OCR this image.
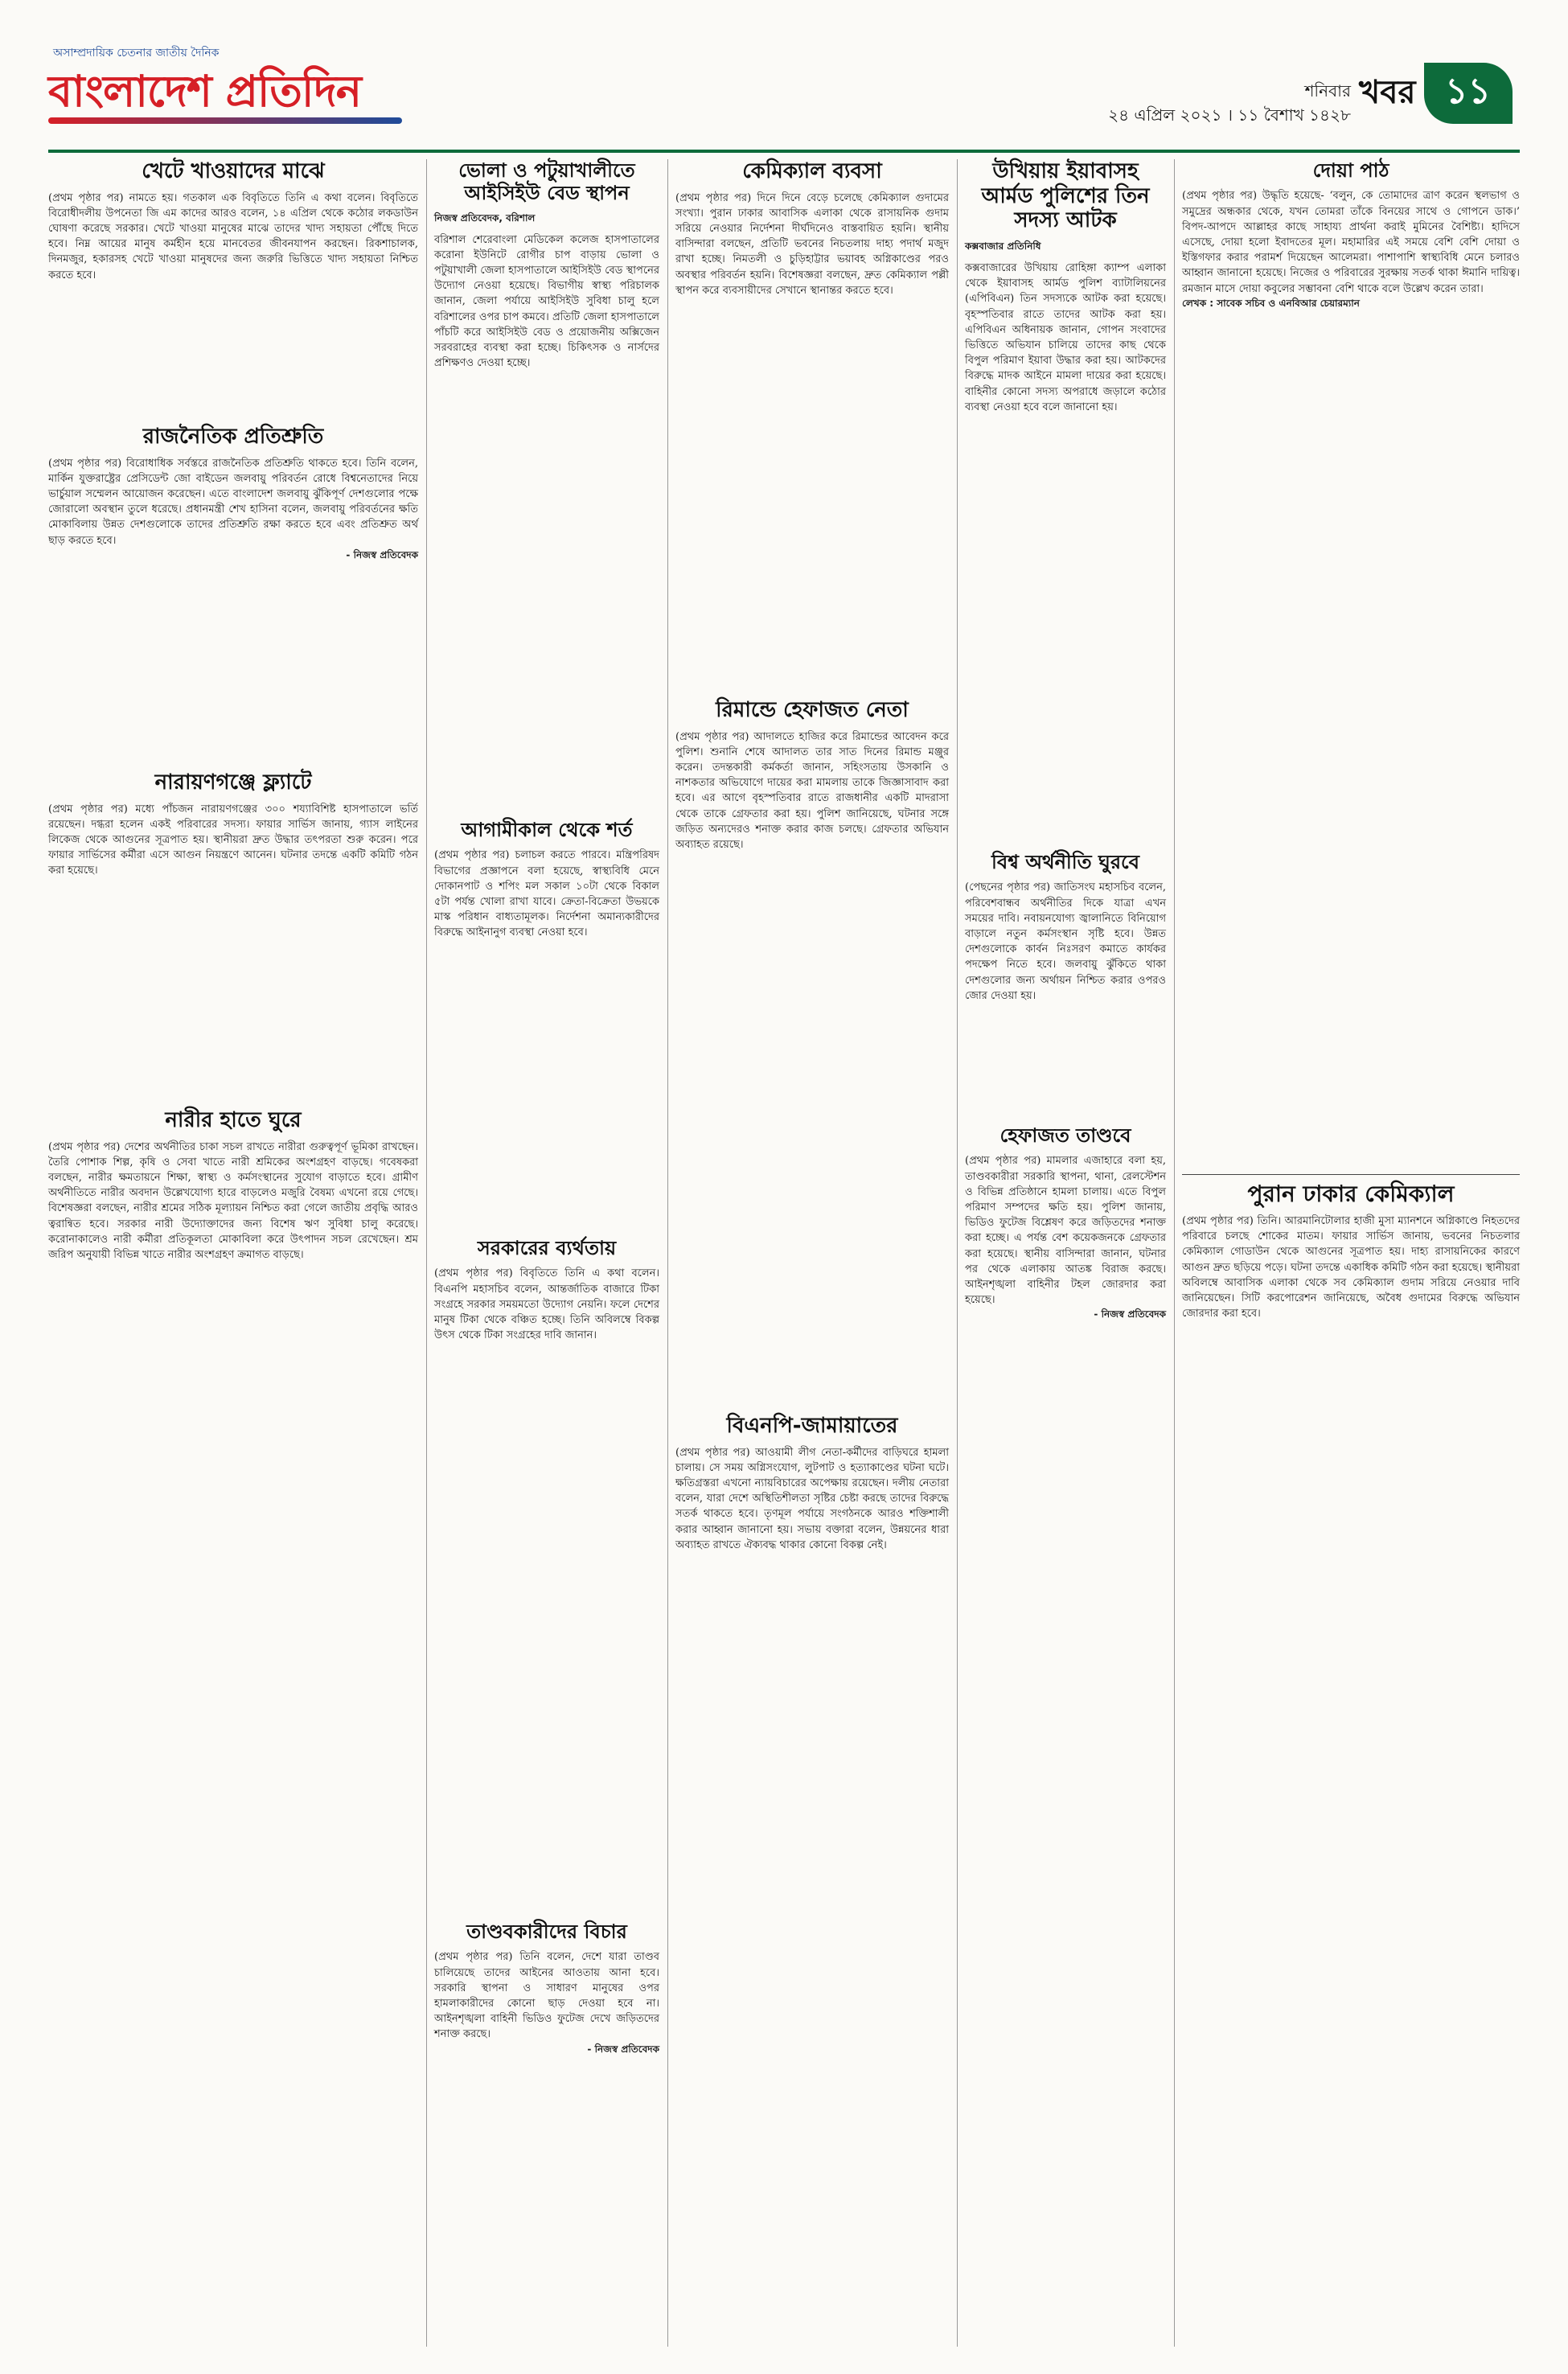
অসাম্প্রদায়িক চেতনার জাতীয় দৈনিক
বাংলাদেশ প্রতিদিন	শনিবার
২৪ এপ্রিল ২০২১ । ১১ বৈশাখ ১৪২৮
খবর ১১
খেটে খাওয়াদের মাঝে

(প্রথম পৃষ্ঠার পর) নামতে হয়। গতকাল এক বিবৃতিতে তিনি এ কথা বলেন। বিবৃতিতে বিরোধীদলীয় উপনেতা জি এম কাদের আরও বলেন, ১৪ এপ্রিল থেকে কঠোর লকডাউন ঘোষণা করেছে সরকার। খেটে খাওয়া মানুষের মাঝে তাদের খাদ্য সহায়তা পৌঁছে দিতে হবে। নিম্ন আয়ের মানুষ কর্মহীন হয়ে মানবেতর জীবনযাপন করছেন। রিকশাচালক, দিনমজুর, হকারসহ খেটে খাওয়া মানুষদের জন্য জরুরি ভিত্তিতে খাদ্য সহায়তা নিশ্চিত করতে হবে।

রাজনৈতিক প্রতিশ্রুতি

(প্রথম পৃষ্ঠার পর) বিরোধাধিক সর্বস্তরে রাজনৈতিক প্রতিশ্রুতি থাকতে হবে। তিনি বলেন, মার্কিন যুক্তরাষ্ট্রের প্রেসিডেন্ট জো বাইডেন জলবায়ু পরিবর্তন রোধে বিশ্বনেতাদের নিয়ে ভার্চুয়াল সম্মেলন আয়োজন করেছেন। এতে বাংলাদেশ জলবায়ু ঝুঁকিপূর্ণ দেশগুলোর পক্ষে জোরালো অবস্থান তুলে ধরেছে। প্রধানমন্ত্রী শেখ হাসিনা বলেন, জলবায়ু পরিবর্তনের ক্ষতি মোকাবিলায় উন্নত দেশগুলোকে তাদের প্রতিশ্রুতি রক্ষা করতে হবে এবং প্রতিশ্রুত অর্থ ছাড় করতে হবে।

- নিজস্ব প্রতিবেদক

নারায়ণগঞ্জে ফ্ল্যাটে

(প্রথম পৃষ্ঠার পর) মধ্যে পাঁচজন নারায়ণগঞ্জের ৩০০ শয্যাবিশিষ্ট হাসপাতালে ভর্তি রয়েছেন। দগ্ধরা হলেন একই পরিবারের সদস্য। ফায়ার সার্ভিস জানায়, গ্যাস লাইনের লিকেজ থেকে আগুনের সূত্রপাত হয়। স্থানীয়রা দ্রুত উদ্ধার তৎপরতা শুরু করেন। পরে ফায়ার সার্ভিসের কর্মীরা এসে আগুন নিয়ন্ত্রণে আনেন। ঘটনার তদন্তে একটি কমিটি গঠন করা হয়েছে।

নারীর হাতে ঘুরে

(প্রথম পৃষ্ঠার পর) দেশের অর্থনীতির চাকা সচল রাখতে নারীরা গুরুত্বপূর্ণ ভূমিকা রাখছেন। তৈরি পোশাক শিল্প, কৃষি ও সেবা খাতে নারী শ্রমিকের অংশগ্রহণ বাড়ছে। গবেষকরা বলছেন, নারীর ক্ষমতায়নে শিক্ষা, স্বাস্থ্য ও কর্মসংস্থানের সুযোগ বাড়াতে হবে। গ্রামীণ অর্থনীতিতে নারীর অবদান উল্লেখযোগ্য হারে বাড়লেও মজুরি বৈষম্য এখনো রয়ে গেছে। বিশেষজ্ঞরা বলছেন, নারীর শ্রমের সঠিক মূল্যায়ন নিশ্চিত করা গেলে জাতীয় প্রবৃদ্ধি আরও ত্বরান্বিত হবে। সরকার নারী উদ্যোক্তাদের জন্য বিশেষ ঋণ সুবিধা চালু করেছে। করোনাকালেও নারী কর্মীরা প্রতিকূলতা মোকাবিলা করে উৎপাদন সচল রেখেছেন। শ্রম জরিপ অনুযায়ী বিভিন্ন খাতে নারীর অংশগ্রহণ ক্রমাগত বাড়ছে।

ভোলা ও পটুয়াখালীতে আইসিইউ বেড স্থাপন

নিজস্ব প্রতিবেদক, বরিশাল

বরিশাল শেরেবাংলা মেডিকেল কলেজ হাসপাতালের করোনা ইউনিটে রোগীর চাপ বাড়ায় ভোলা ও পটুয়াখালী জেলা হাসপাতালে আইসিইউ বেড স্থাপনের উদ্যোগ নেওয়া হয়েছে। বিভাগীয় স্বাস্থ্য পরিচালক জানান, জেলা পর্যায়ে আইসিইউ সুবিধা চালু হলে বরিশালের ওপর চাপ কমবে। প্রতিটি জেলা হাসপাতালে পাঁচটি করে আইসিইউ বেড ও প্রয়োজনীয় অক্সিজেন সরবরাহের ব্যবস্থা করা হচ্ছে। চিকিৎসক ও নার্সদের প্রশিক্ষণও দেওয়া হচ্ছে।

আগামীকাল থেকে শর্ত

(প্রথম পৃষ্ঠার পর) চলাচল করতে পারবে। মন্ত্রিপরিষদ বিভাগের প্রজ্ঞাপনে বলা হয়েছে, স্বাস্থ্যবিধি মেনে দোকানপাট ও শপিং মল সকাল ১০টা থেকে বিকাল ৫টা পর্যন্ত খোলা রাখা যাবে। ক্রেতা-বিক্রেতা উভয়কে মাস্ক পরিধান বাধ্যতামূলক। নির্দেশনা অমান্যকারীদের বিরুদ্ধে আইনানুগ ব্যবস্থা নেওয়া হবে।

সরকারের ব্যর্থতায়

(প্রথম পৃষ্ঠার পর) বিবৃতিতে তিনি এ কথা বলেন। বিএনপি মহাসচিব বলেন, আন্তর্জাতিক বাজারে টিকা সংগ্রহে সরকার সময়মতো উদ্যোগ নেয়নি। ফলে দেশের মানুষ টিকা থেকে বঞ্চিত হচ্ছে। তিনি অবিলম্বে বিকল্প উৎস থেকে টিকা সংগ্রহের দাবি জানান।

তাণ্ডবকারীদের বিচার

(প্রথম পৃষ্ঠার পর) তিনি বলেন, দেশে যারা তাণ্ডব চালিয়েছে তাদের আইনের আওতায় আনা হবে। সরকারি স্থাপনা ও সাধারণ মানুষের ওপর হামলাকারীদের কোনো ছাড় দেওয়া হবে না। আইনশৃঙ্খলা বাহিনী ভিডিও ফুটেজ দেখে জড়িতদের শনাক্ত করছে।

- নিজস্ব প্রতিবেদক

কেমিক্যাল ব্যবসা

(প্রথম পৃষ্ঠার পর) দিনে দিনে বেড়ে চলেছে কেমিক্যাল গুদামের সংখ্যা। পুরান ঢাকার আবাসিক এলাকা থেকে রাসায়নিক গুদাম সরিয়ে নেওয়ার নির্দেশনা দীর্ঘদিনেও বাস্তবায়িত হয়নি। স্থানীয় বাসিন্দারা বলছেন, প্রতিটি ভবনের নিচতলায় দাহ্য পদার্থ মজুদ রাখা হচ্ছে। নিমতলী ও চুড়িহাট্টার ভয়াবহ অগ্নিকাণ্ডের পরও অবস্থার পরিবর্তন হয়নি। বিশেষজ্ঞরা বলছেন, দ্রুত কেমিক্যাল পল্লী স্থাপন করে ব্যবসায়ীদের সেখানে স্থানান্তর করতে হবে।

রিমান্ডে হেফাজত নেতা

(প্রথম পৃষ্ঠার পর) আদালতে হাজির করে রিমান্ডের আবেদন করে পুলিশ। শুনানি শেষে আদালত তার সাত দিনের রিমান্ড মঞ্জুর করেন। তদন্তকারী কর্মকর্তা জানান, সহিংসতায় উসকানি ও নাশকতার অভিযোগে দায়ের করা মামলায় তাকে জিজ্ঞাসাবাদ করা হবে। এর আগে বৃহস্পতিবার রাতে রাজধানীর একটি মাদরাসা থেকে তাকে গ্রেফতার করা হয়। পুলিশ জানিয়েছে, ঘটনার সঙ্গে জড়িত অন্যদেরও শনাক্ত করার কাজ চলছে। গ্রেফতার অভিযান অব্যাহত রয়েছে।

বিএনপি-জামায়াতের

(প্রথম পৃষ্ঠার পর) আওয়ামী লীগ নেতা-কর্মীদের বাড়িঘরে হামলা চালায়। সে সময় অগ্নিসংযোগ, লুটপাট ও হত্যাকাণ্ডের ঘটনা ঘটে। ক্ষতিগ্রস্তরা এখনো ন্যায়বিচারের অপেক্ষায় রয়েছেন। দলীয় নেতারা বলেন, যারা দেশে অস্থিতিশীলতা সৃষ্টির চেষ্টা করছে তাদের বিরুদ্ধে সতর্ক থাকতে হবে। তৃণমূল পর্যায়ে সংগঠনকে আরও শক্তিশালী করার আহ্বান জানানো হয়। সভায় বক্তারা বলেন, উন্নয়নের ধারা অব্যাহত রাখতে ঐক্যবদ্ধ থাকার কোনো বিকল্প নেই।

উখিয়ায় ইয়াবাসহ আর্মড পুলিশের তিন সদস্য আটক

কক্সবাজার প্রতিনিধি

কক্সবাজারের উখিয়ায় রোহিঙ্গা ক্যাম্প এলাকা থেকে ইয়াবাসহ আর্মড পুলিশ ব্যাটালিয়নের (এপিবিএন) তিন সদস্যকে আটক করা হয়েছে। বৃহস্পতিবার রাতে তাদের আটক করা হয়। এপিবিএন অধিনায়ক জানান, গোপন সংবাদের ভিত্তিতে অভিযান চালিয়ে তাদের কাছ থেকে বিপুল পরিমাণ ইয়াবা উদ্ধার করা হয়। আটকদের বিরুদ্ধে মাদক আইনে মামলা দায়ের করা হয়েছে। বাহিনীর কোনো সদস্য অপরাধে জড়ালে কঠোর ব্যবস্থা নেওয়া হবে বলে জানানো হয়।

বিশ্ব অর্থনীতি ঘুরবে

(পেছনের পৃষ্ঠার পর) জাতিসংঘ মহাসচিব বলেন, পরিবেশবান্ধব অর্থনীতির দিকে যাত্রা এখন সময়ের দাবি। নবায়নযোগ্য জ্বালানিতে বিনিয়োগ বাড়ালে নতুন কর্মসংস্থান সৃষ্টি হবে। উন্নত দেশগুলোকে কার্বন নিঃসরণ কমাতে কার্যকর পদক্ষেপ নিতে হবে। জলবায়ু ঝুঁকিতে থাকা দেশগুলোর জন্য অর্থায়ন নিশ্চিত করার ওপরও জোর দেওয়া হয়।

হেফাজত তাণ্ডবে

(প্রথম পৃষ্ঠার পর) মামলার এজাহারে বলা হয়, তাণ্ডবকারীরা সরকারি স্থাপনা, থানা, রেলস্টেশন ও বিভিন্ন প্রতিষ্ঠানে হামলা চালায়। এতে বিপুল পরিমাণ সম্পদের ক্ষতি হয়। পুলিশ জানায়, ভিডিও ফুটেজ বিশ্লেষণ করে জড়িতদের শনাক্ত করা হচ্ছে। এ পর্যন্ত বেশ কয়েকজনকে গ্রেফতার করা হয়েছে। স্থানীয় বাসিন্দারা জানান, ঘটনার পর থেকে এলাকায় আতঙ্ক বিরাজ করছে। আইনশৃঙ্খলা বাহিনীর টহল জোরদার করা হয়েছে।

- নিজস্ব প্রতিবেদক

দোয়া পাঠ

(প্রথম পৃষ্ঠার পর) উদ্ধৃতি হয়েছে- ‘বলুন, কে তোমাদের ত্রাণ করেন স্থলভাগ ও সমুদ্রের অন্ধকার থেকে, যখন তোমরা তাঁকে বিনয়ের সাথে ও গোপনে ডাক।’ বিপদ-আপদে আল্লাহর কাছে সাহায্য প্রার্থনা করাই মুমিনের বৈশিষ্ট্য। হাদিসে এসেছে, দোয়া হলো ইবাদতের মূল। মহামারির এই সময়ে বেশি বেশি দোয়া ও ইস্তিগফার করার পরামর্শ দিয়েছেন আলেমরা। পাশাপাশি স্বাস্থ্যবিধি মেনে চলারও আহ্বান জানানো হয়েছে। নিজের ও পরিবারের সুরক্ষায় সতর্ক থাকা ঈমানি দায়িত্ব। রমজান মাসে দোয়া কবুলের সম্ভাবনা বেশি থাকে বলে উল্লেখ করেন তারা।

লেখক : সাবেক সচিব ও এনবিআর চেয়ারম্যান

পুরান ঢাকার কেমিক্যাল

(প্রথম পৃষ্ঠার পর) তিনি। আরমানিটোলার হাজী মুসা ম্যানশনে অগ্নিকাণ্ডে নিহতদের পরিবারে চলছে শোকের মাতম। ফায়ার সার্ভিস জানায়, ভবনের নিচতলার কেমিক্যাল গোডাউন থেকে আগুনের সূত্রপাত হয়। দাহ্য রাসায়নিকের কারণে আগুন দ্রুত ছড়িয়ে পড়ে। ঘটনা তদন্তে একাধিক কমিটি গঠন করা হয়েছে। স্থানীয়রা অবিলম্বে আবাসিক এলাকা থেকে সব কেমিক্যাল গুদাম সরিয়ে নেওয়ার দাবি জানিয়েছেন। সিটি করপোরেশন জানিয়েছে, অবৈধ গুদামের বিরুদ্ধে অভিযান জোরদার করা হবে।
